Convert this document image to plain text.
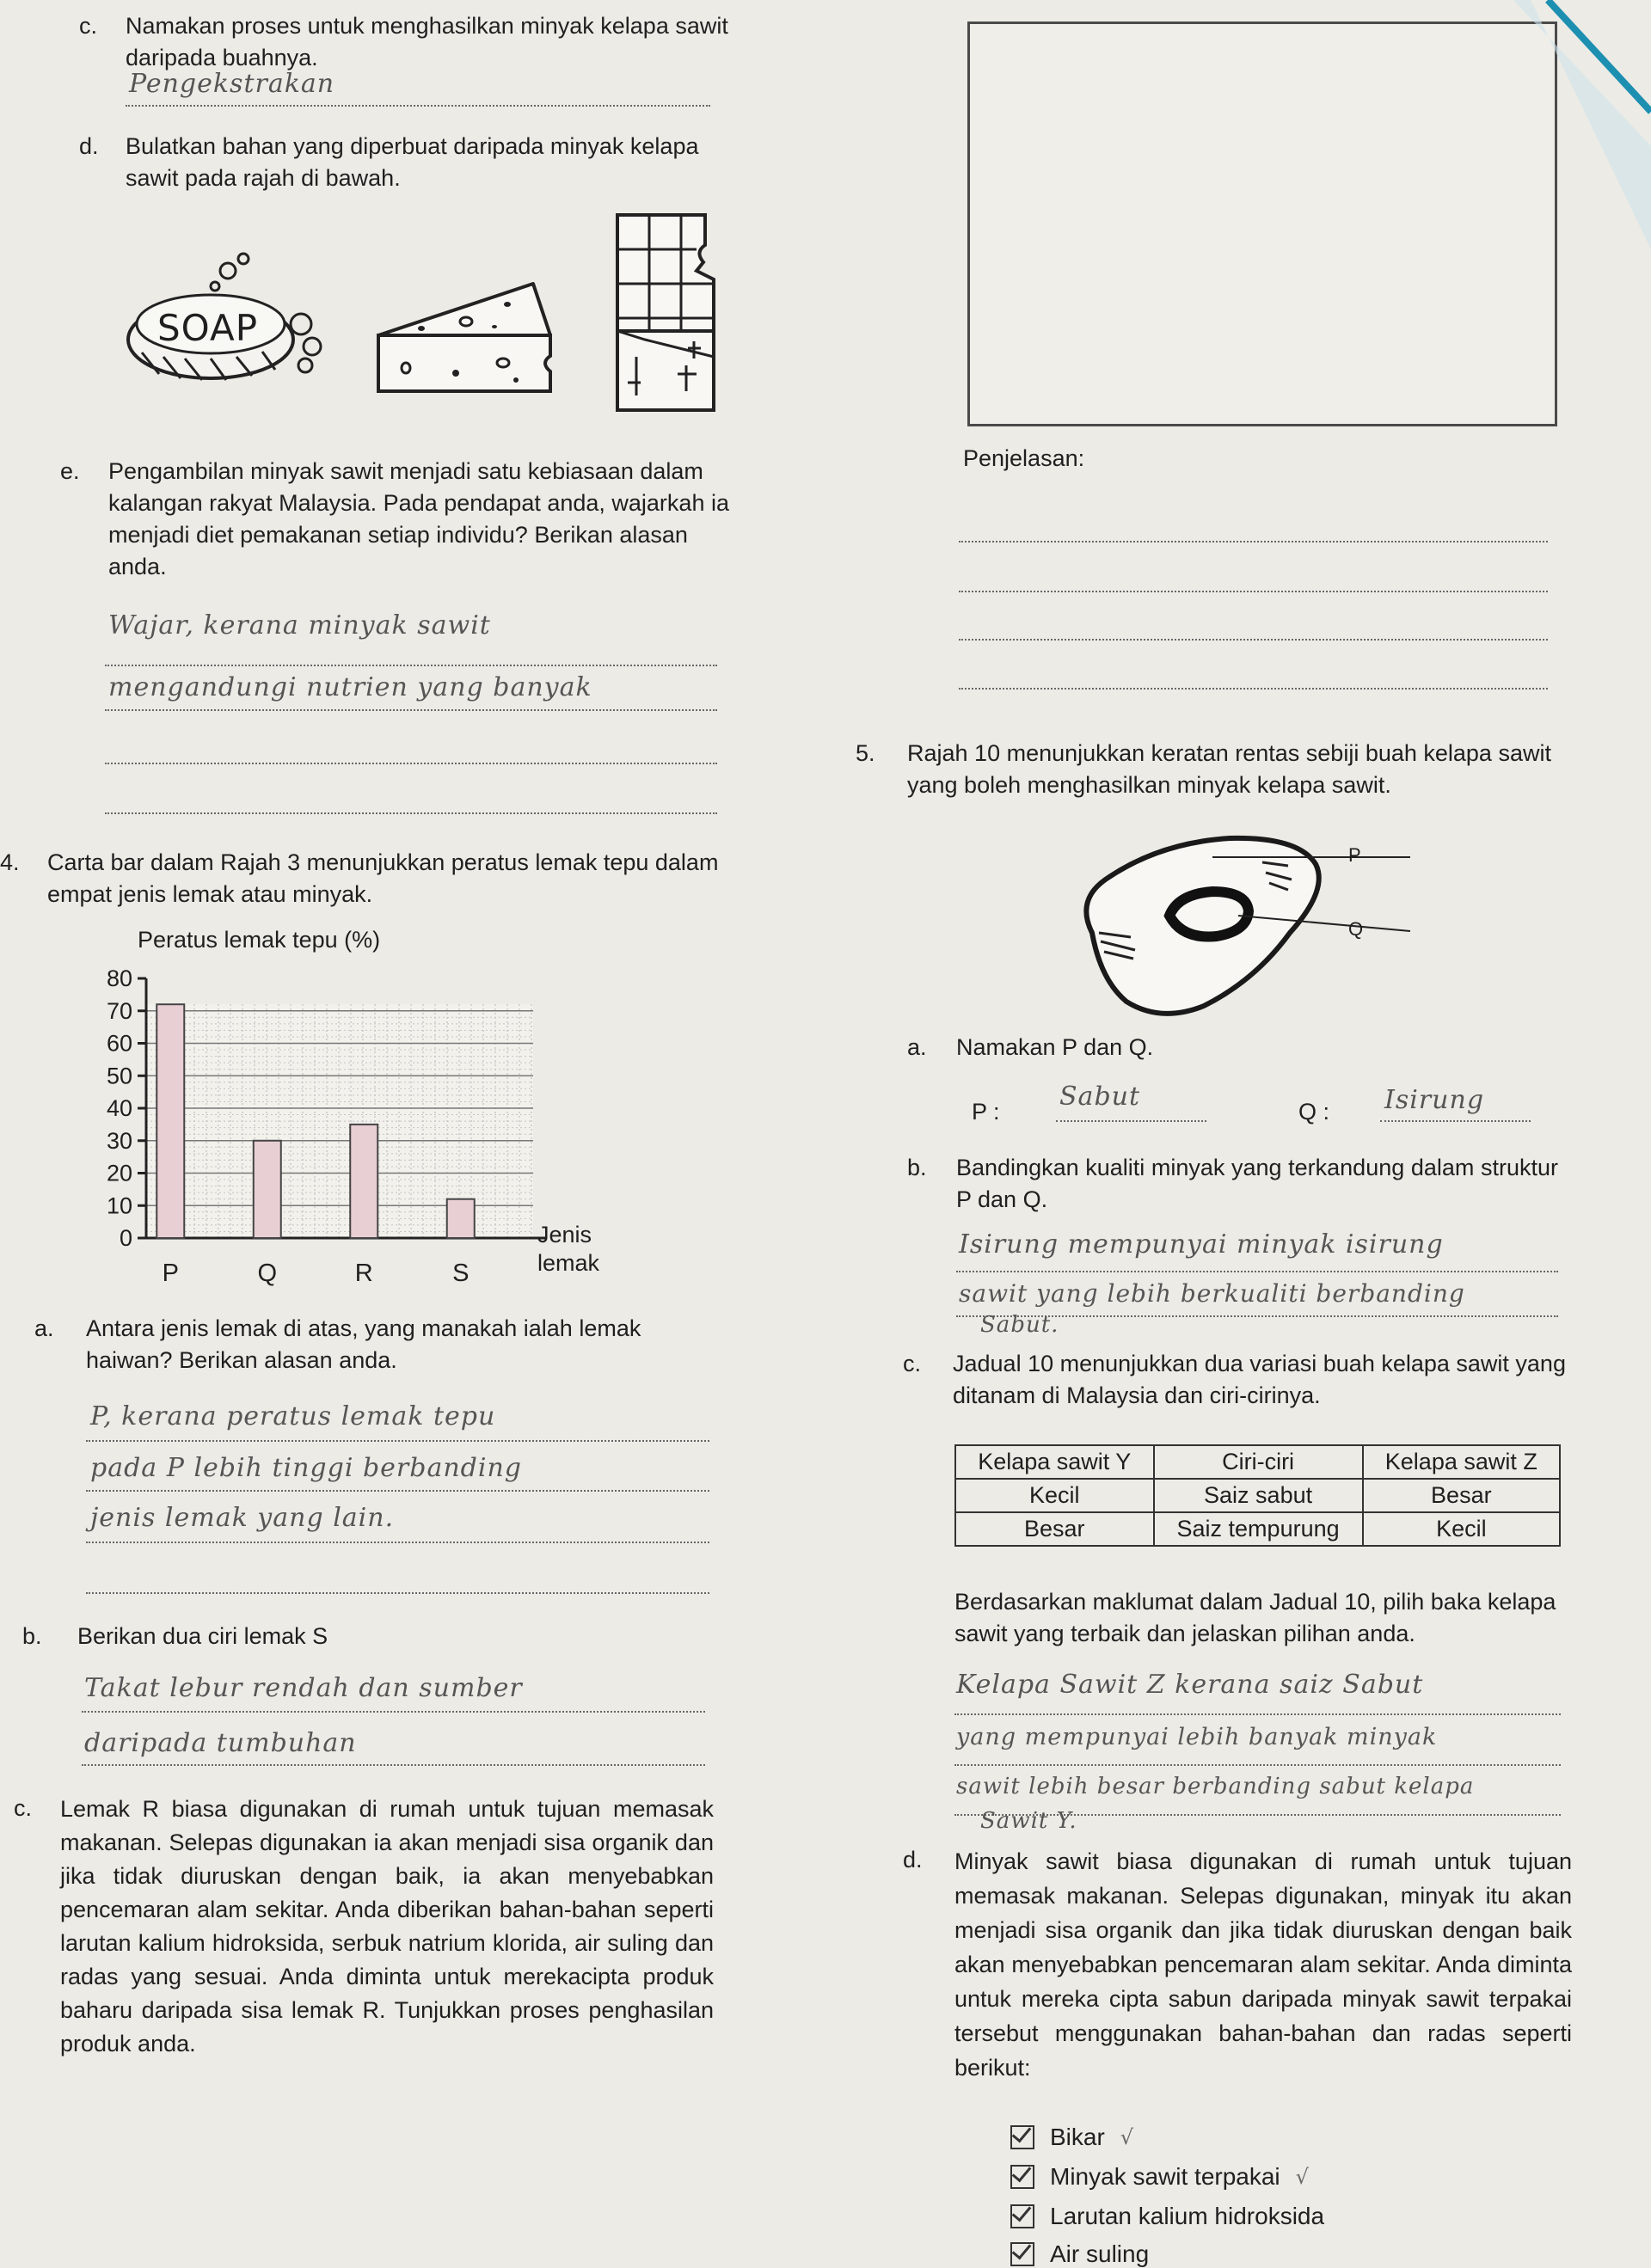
c. Namakan proses untuk menghasilkan minyak kelapa sawit daripada buahnya.
Pengekstrakan
d. Bulatkan bahan yang diperbuat daripada minyak kelapa sawit pada rajah di bawah.
SOAP
e. Pengambilan minyak sawit menjadi satu kebiasaan dalam kalangan rakyat Malaysia. Pada pendapat anda, wajarkah ia menjadi diet pemakanan setiap individu? Berikan alasan anda.
Wajar, kerana minyak sawit
mengandungi nutrien yang banyak
4. Carta bar dalam Rajah 3 menunjukkan peratus lemak tepu dalam empat jenis lemak atau minyak.
Peratus lemak tepu (%)
0
10
20
30
40
50
60
70
80
P	Q	R	S
Jenis lemak
a. Antara jenis lemak di atas, yang manakah ialah lemak haiwan? Berikan alasan anda.
P, kerana peratus lemak tepu
pada P lebih tinggi berbanding
jenis lemak yang lain.
b. Berikan dua ciri lemak S
Takat lebur rendah dan sumber
daripada tumbuhan
c. Lemak R biasa digunakan di rumah untuk tujuan memasak makanan. Selepas digunakan ia akan menjadi sisa organik dan jika tidak diuruskan dengan baik, ia akan menyebabkan pencemaran alam sekitar. Anda diberikan bahan-bahan seperti larutan kalium hidroksida, serbuk natrium klorida, air suling dan radas yang sesuai. Anda diminta untuk merekacipta produk baharu daripada sisa lemak R. Tunjukkan proses penghasilan produk anda.
Penjelasan:
5. Rajah 10 menunjukkan keratan rentas sebiji buah kelapa sawit yang boleh menghasilkan minyak kelapa sawit.
P
Q
a. Namakan P dan Q.
P : Sabut	Q : Isirung
b. Bandingkan kualiti minyak yang terkandung dalam struktur P dan Q.
Isirung mempunyai minyak isirung
sawit yang lebih berkualiti berbanding
Sabut.
c. Jadual 10 menunjukkan dua variasi buah kelapa sawit yang ditanam di Malaysia dan ciri-cirinya.
Kelapa sawit Y	Ciri-ciri	Kelapa sawit Z
Kecil	Saiz sabut	Besar
Besar	Saiz tempurung	Kecil
Berdasarkan maklumat dalam Jadual 10, pilih baka kelapa sawit yang terbaik dan jelaskan pilihan anda.
Kelapa Sawit Z kerana saiz Sabut
yang mempunyai lebih banyak minyak
sawit lebih besar berbanding sabut kelapa
Sawit Y.
d. Minyak sawit biasa digunakan di rumah untuk tujuan memasak makanan. Selepas digunakan, minyak itu akan menjadi sisa organik dan jika tidak diuruskan dengan baik akan menyebabkan pencemaran alam sekitar. Anda diminta untuk mereka cipta sabun daripada minyak sawit terpakai tersebut menggunakan bahan-bahan dan radas seperti berikut:
Bikar √
Minyak sawit terpakai √
Larutan kalium hidroksida
Air suling
